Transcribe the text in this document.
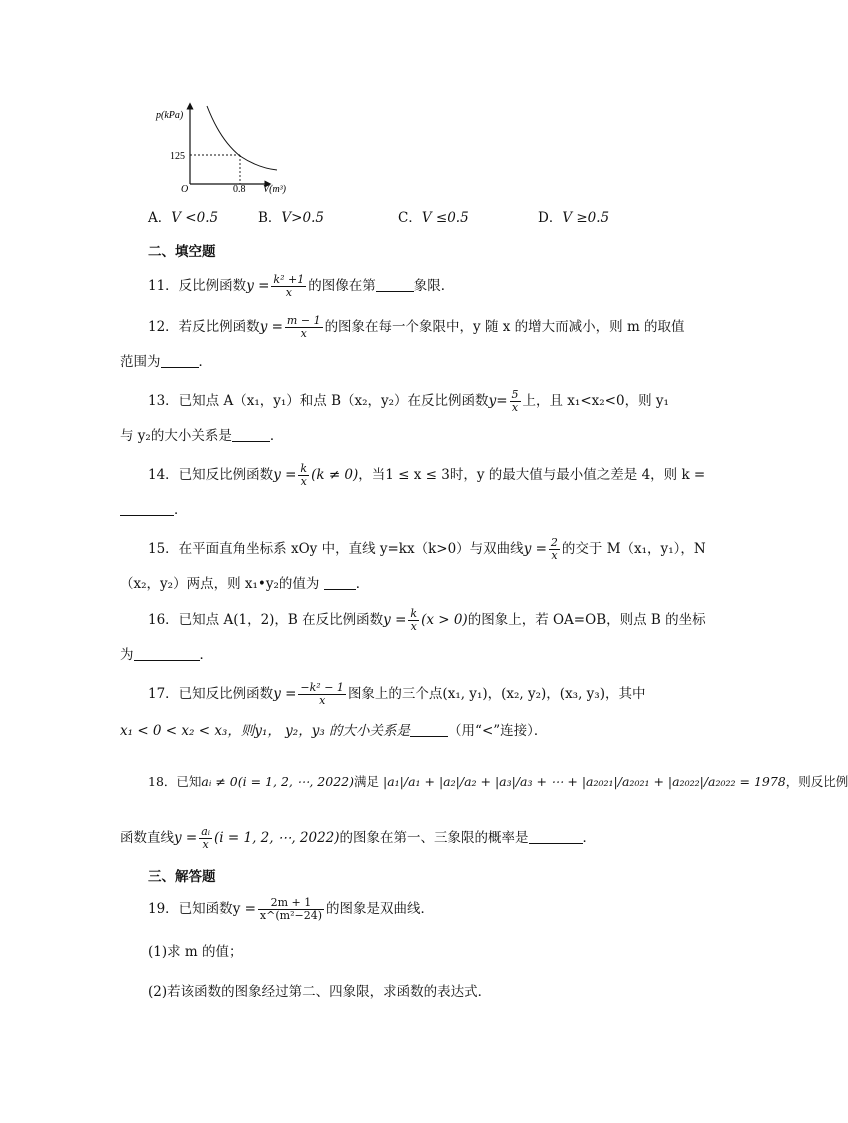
p(kPa)
V(m³)
O
125
0.8
A．V <0.5	B．V>0.5	C．V ≤0.5	D．V ≥0.5
二、填空题
11．反比例函数$y = \frac{\text{k² +1}}{x}$ 的图像在第	象限．
12．若反比例函数$y = \frac{m - 1}{x}$ 的图象在每一个象限中，y 随 x 的增大而减小，则 m 的取值
范围为	．
13．已知点 A（x₁，y₁）和点 B（x₂，y₂）在反比例函数$y= \frac{5}{x}$ 上，且 x₁<x₂<0，则 y₁
与 y₂的大小关系是	．
14．已知反比例函数$y = \frac{k}{x} (k \ne 0)$，当1 ≤ x ≤ 3时，y 的最大值与最小值之差是 4，则 k =
．
15．在平面直角坐标系 xOy 中，直线 y=kx（k>0）与双曲线$y = \frac{2}{x}$ 的交于 M（x₁，y₁），N
（x₂，y₂）两点，则 x₁•y₂的值为	．
16．已知点 A(1，2)，B 在反比例函数$y = \frac{k}{x} (x > 0)$的图象上，若 OA=OB，则点 B 的坐标
为	．
17．已知反比例函数$y = \frac{\text{−k² − 1}}{x}$ 图象上的三个点(x₁, y₁)，(x₂, y₂)，(x₃, y₃)，其中
x₁ < 0 < x₂ < x₃，则y₁， y₂，y₃ 的大小关系是	（用“<”连接）．
18．已知aᵢ ≠ 0(i = 1, 2, ⋯, 2022)满足 |a₁|/a₁ + |a₂|/a₂ + |a₃|/a₃ + ⋯ + |a₂₀₂₁|/a₂₀₂₁ + |a₂₀₂₂|/a₂₀₂₂ = 1978，则反比例
函数直线$y = \frac{\text{aᵢ}}{x} (i = 1$, 2, ⋯, 2022)的图象在第一、三象限的概率是	．
三、解答题
19．已知函数$y = \frac{2m + 1}{\text{x\textasciicircum{}(m²−24)}}$ 的图象是双曲线．
(1)求 m 的值；
(2)若该函数的图象经过第二、四象限，求函数的表达式．
